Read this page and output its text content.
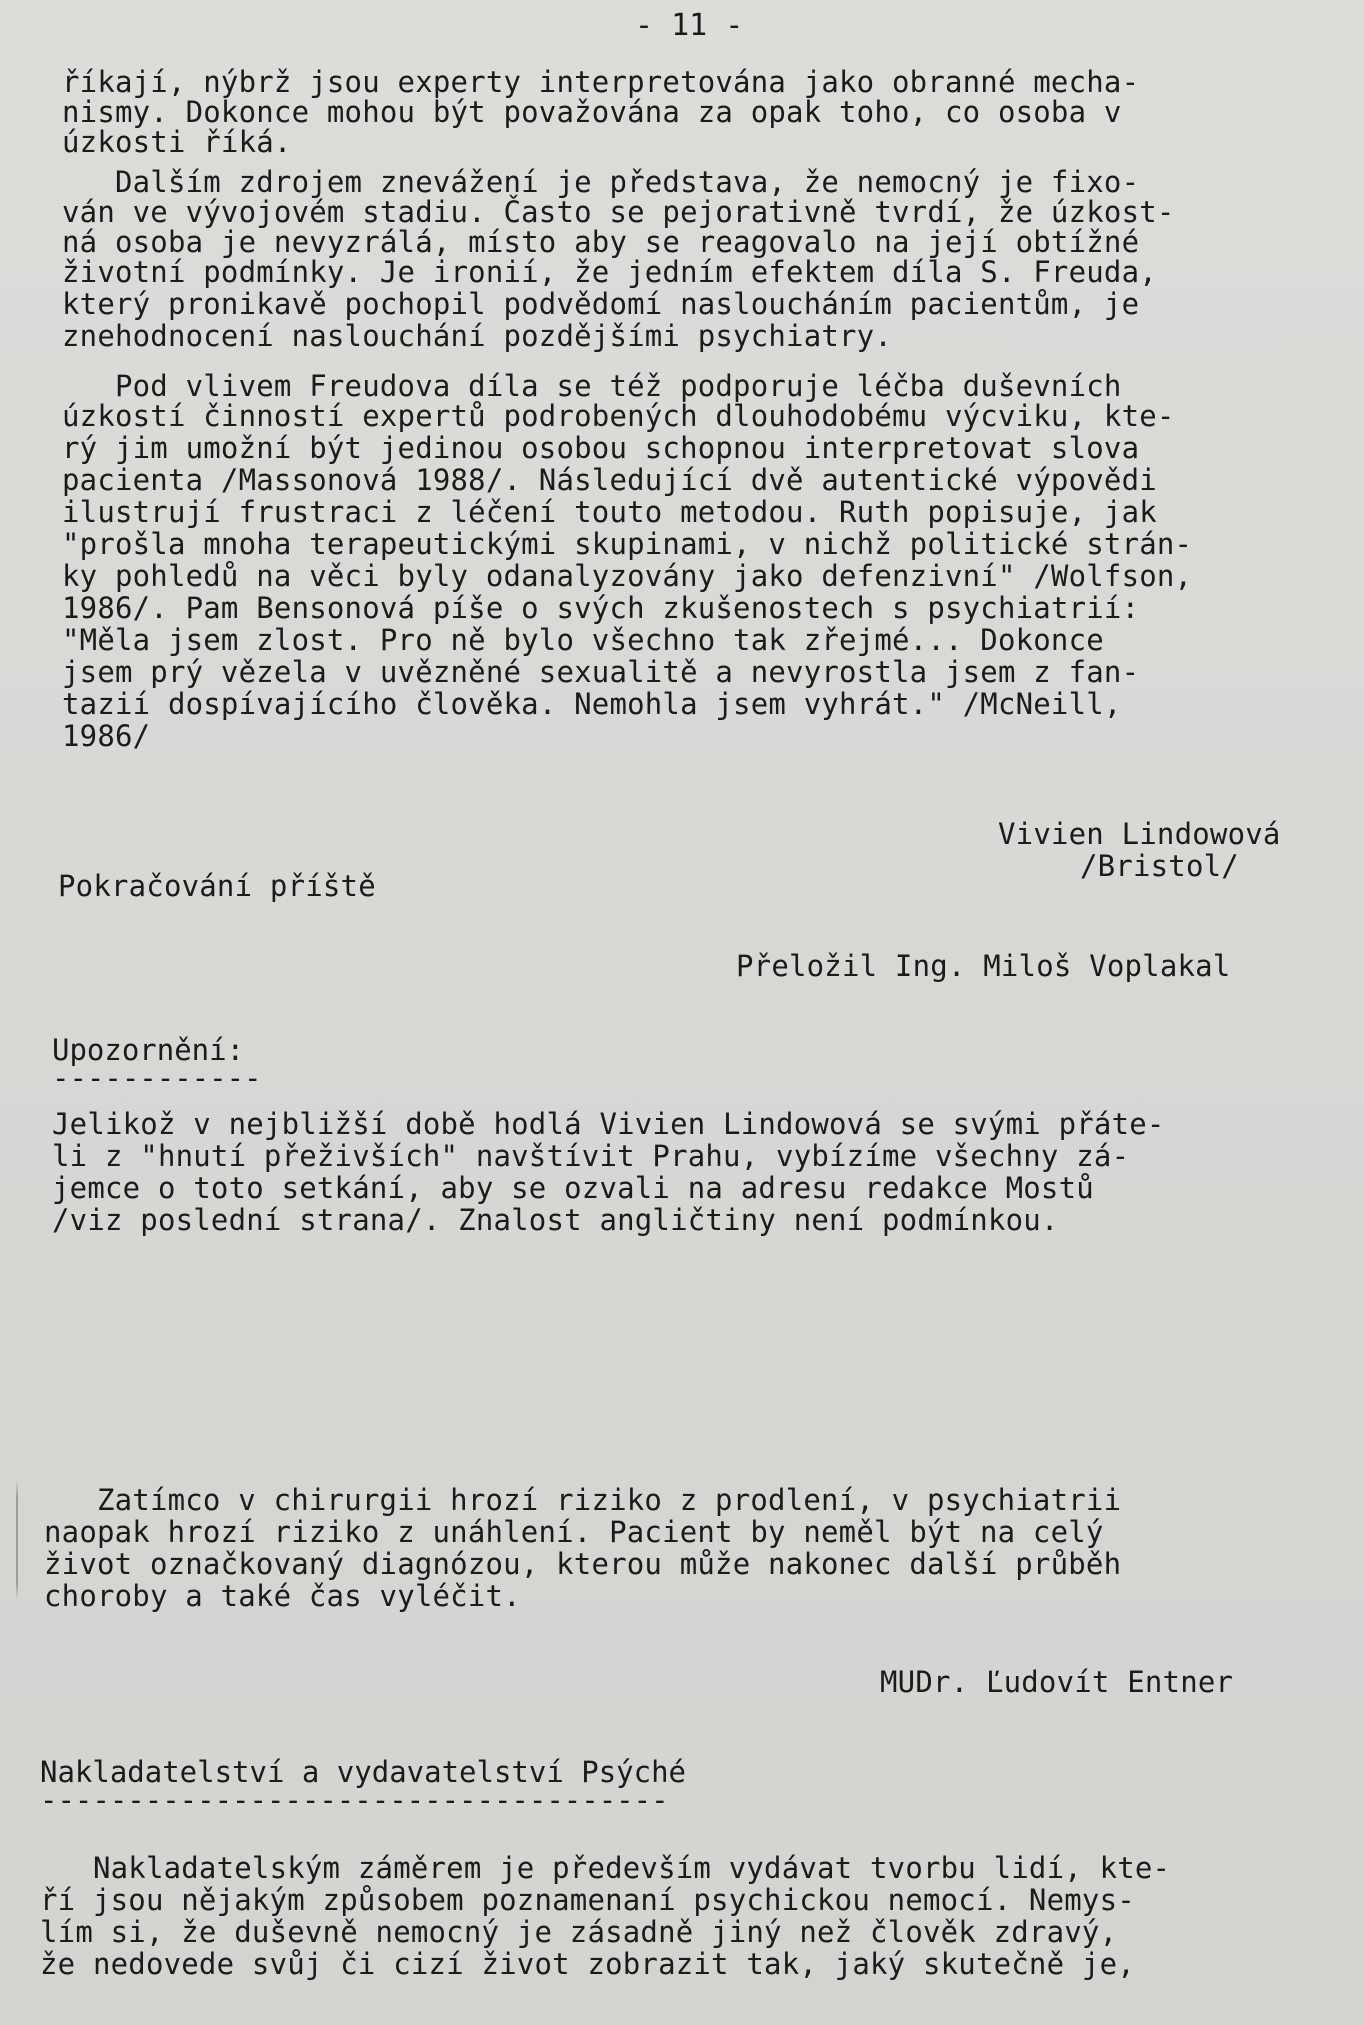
- 11 -
říkají, nýbrž jsou experty interpretována jako obranné mecha-
nismy. Dokonce mohou být považována za opak toho, co osoba v
úzkosti říká.
Dalším zdrojem znevážení je představa, že nemocný je fixo-
ván ve vývojovém stadiu. Často se pejorativně tvrdí, že úzkost-
ná osoba je nevyzrálá, místo aby se reagovalo na její obtížné
životní podmínky. Je ironií, že jedním efektem díla S. Freuda,
který pronikavě pochopil podvědomí nasloucháním pacientům, je
znehodnocení naslouchání pozdějšími psychiatry.
Pod vlivem Freudova díla se též podporuje léčba duševních
úzkostí činností expertů podrobených dlouhodobému výcviku, kte-
rý jim umožní být jedinou osobou schopnou interpretovat slova
pacienta /Massonová 1988/. Následující dvě autentické výpovědi
ilustrují frustraci z léčení touto metodou. Ruth popisuje, jak
"prošla mnoha terapeutickými skupinami, v nichž politické strán-
ky pohledů na věci byly odanalyzovány jako defenzivní" /Wolfson,
1986/. Pam Bensonová píše o svých zkušenostech s psychiatrií:
"Měla jsem zlost. Pro ně bylo všechno tak zřejmé... Dokonce
jsem prý vězela v uvězněné sexualitě a nevyrostla jsem z fan-
tazií dospívajícího člověka. Nemohla jsem vyhrát." /McNeill,
1986/
Vivien Lindowová
/Bristol/
Pokračování příště
Přeložil Ing. Miloš Voplakal
Upozornění:
------------
Jelikož v nejbližší době hodlá Vivien Lindowová se svými přáte-
li z "hnutí přeživších" navštívit Prahu, vybízíme všechny zá-
jemce o toto setkání, aby se ozvali na adresu redakce Mostů
/viz poslední strana/. Znalost angličtiny není podmínkou.
Zatímco v chirurgii hrozí riziko z prodlení, v psychiatrii
naopak hrozí riziko z unáhlení. Pacient by neměl být na celý
život označkovaný diagnózou, kterou může nakonec další průběh
choroby a také čas vyléčit.
MUDr. Ľudovít Entner
Nakladatelství a vydavatelství Psýché
------------------------------------
Nakladatelským záměrem je především vydávat tvorbu lidí, kte-
ří jsou nějakým způsobem poznamenaní psychickou nemocí. Nemys-
lím si, že duševně nemocný je zásadně jiný než člověk zdravý,
že nedovede svůj či cizí život zobrazit tak, jaký skutečně je,
